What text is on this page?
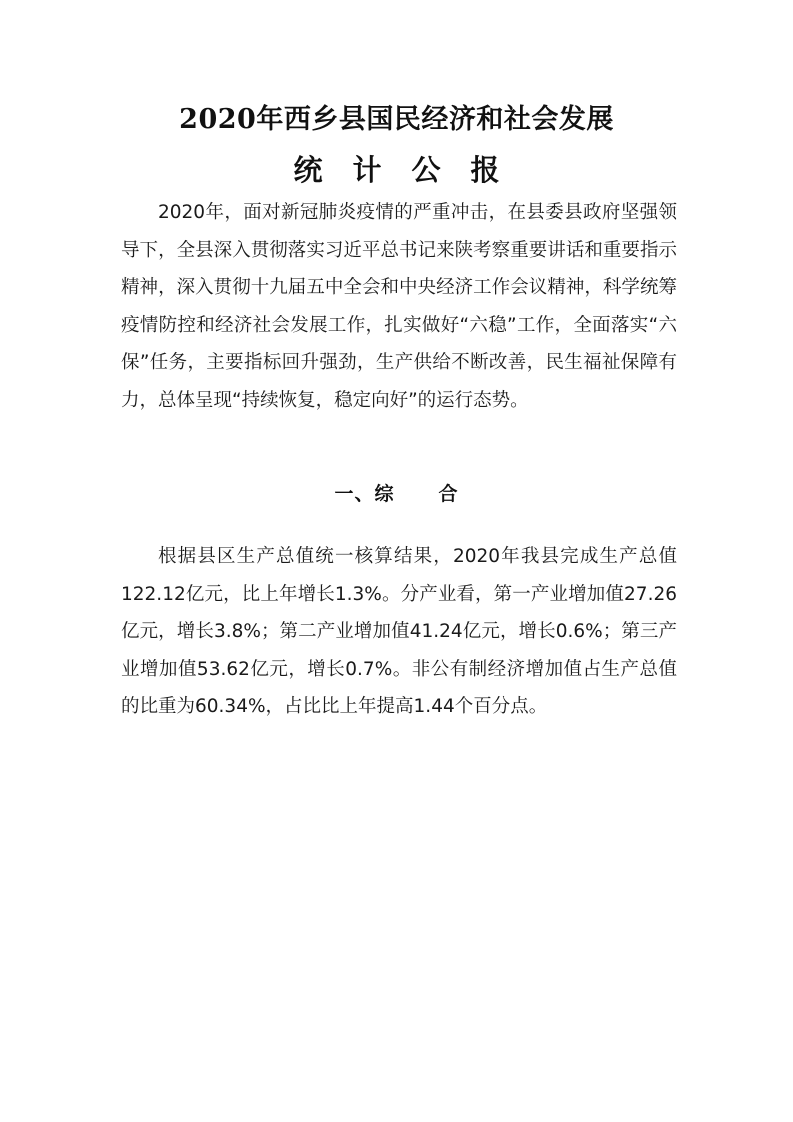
2020年西乡县国民经济和社会发展
统计公报

2020年，面对新冠肺炎疫情的严重冲击，在县委县政府坚强领导下，全县深入贯彻落实习近平总书记来陕考察重要讲话和重要指示精神，深入贯彻十九届五中全会和中央经济工作会议精神，科学统筹疫情防控和经济社会发展工作，扎实做好“六稳”工作，全面落实“六保”任务，主要指标回升强劲，生产供给不断改善，民生福祉保障有力，总体呈现“持续恢复，稳定向好”的运行态势。

一、综 合

根据县区生产总值统一核算结果，2020年我县完成生产总值122.12亿元，比上年增长1.3%。分产业看，第一产业增加值27.26亿元，增长3.8%；第二产业增加值41.24亿元，增长0.6%；第三产业增加值53.62亿元，增长0.7%。非公有制经济增加值占生产总值的比重为60.34%，占比比上年提高1.44个百分点。
